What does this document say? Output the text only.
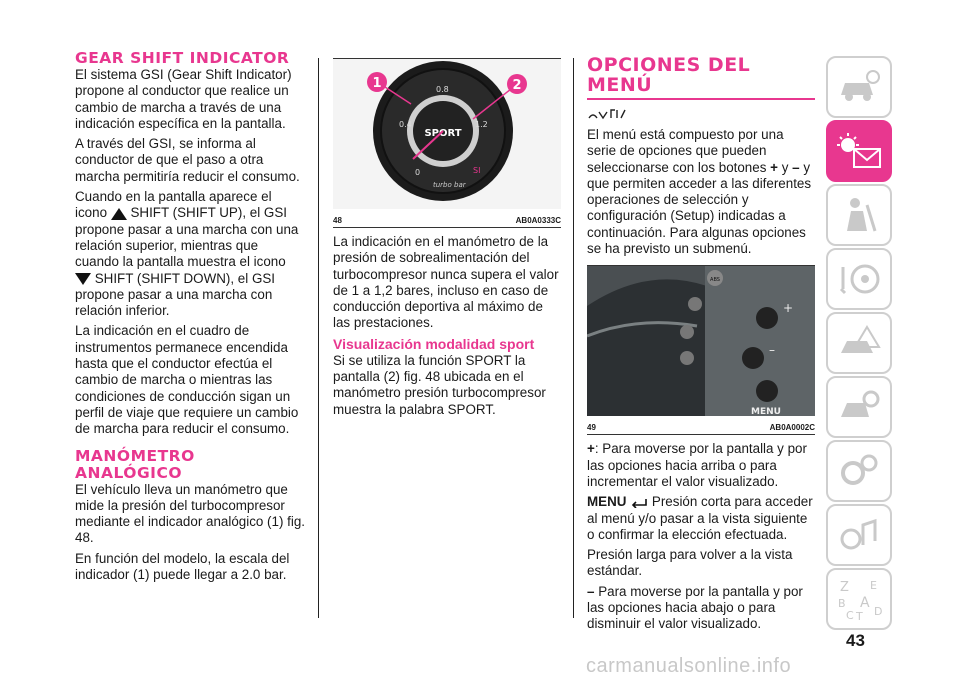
GEAR SHIFT INDICATOR

El sistema GSI (Gear Shift Indicator) propone al conductor que realice un cambio de marcha a través de una indicación específica en la pantalla.

A través del GSI, se informa al conductor de que el paso a otra marcha permitiría reducir el consumo.

Cuando en la pantalla aparece el icono SHIFT (SHIFT UP), el GSI propone pasar a una marcha con una relación superior, mientras que cuando la pantalla muestra el icono  SHIFT (SHIFT DOWN), el GSI propone pasar a una marcha con relación inferior.

La indicación en el cuadro de instrumentos permanece encendida hasta que el conductor efectúa el cambio de marcha o mientras las condiciones de conducción sigan un perfil de viaje que requiere un cambio de marcha para reducir el consumo.

MANÓMETRO
ANALÓGICO

El vehículo lleva un manómetro que mide la presión del turbocompresor mediante el indicador analógico (1) fig. 48.

En función del modelo, la escala del indicador (1) puede llegar a 2.0 bar.

SPORT
0
0.4
0.8
1.2
turbo bar
SI
1	2
48	AB0A0333C

La indicación en el manómetro de la presión de sobrealimentación del turbocompresor nunca supera el valor de 1 a 1,2 bares, incluso en caso de conducción deportiva al máximo de las prestaciones.

Visualización modalidad sport

Si se utiliza la función SPORT la pantalla (2) fig. 48 ubicada en el manómetro presión turbocompresor muestra la palabra SPORT.

OPCIONES DEL
MENÚ

El menú está compuesto por una serie de opciones que pueden seleccionarse con los botones + y – y que permiten acceder a las diferentes operaciones de selección y configuración (Setup) indicadas a continuación. Para algunas opciones se ha previsto un submenú.

ABS
+
–
MENU
49	AB0A0002C

+: Para moverse por la pantalla y por las opciones hacia arriba o para incrementar el valor visualizado.

MENU Presión corta para acceder al menú y/o pasar a la vista siguiente o confirmar la elección efectuada.

Presión larga para volver a la vista estándar.

– Para moverse por la pantalla y por las opciones hacia abajo o para disminuir el valor visualizado.

Z E
B A
C D
T
43
carmanualsonline.info
